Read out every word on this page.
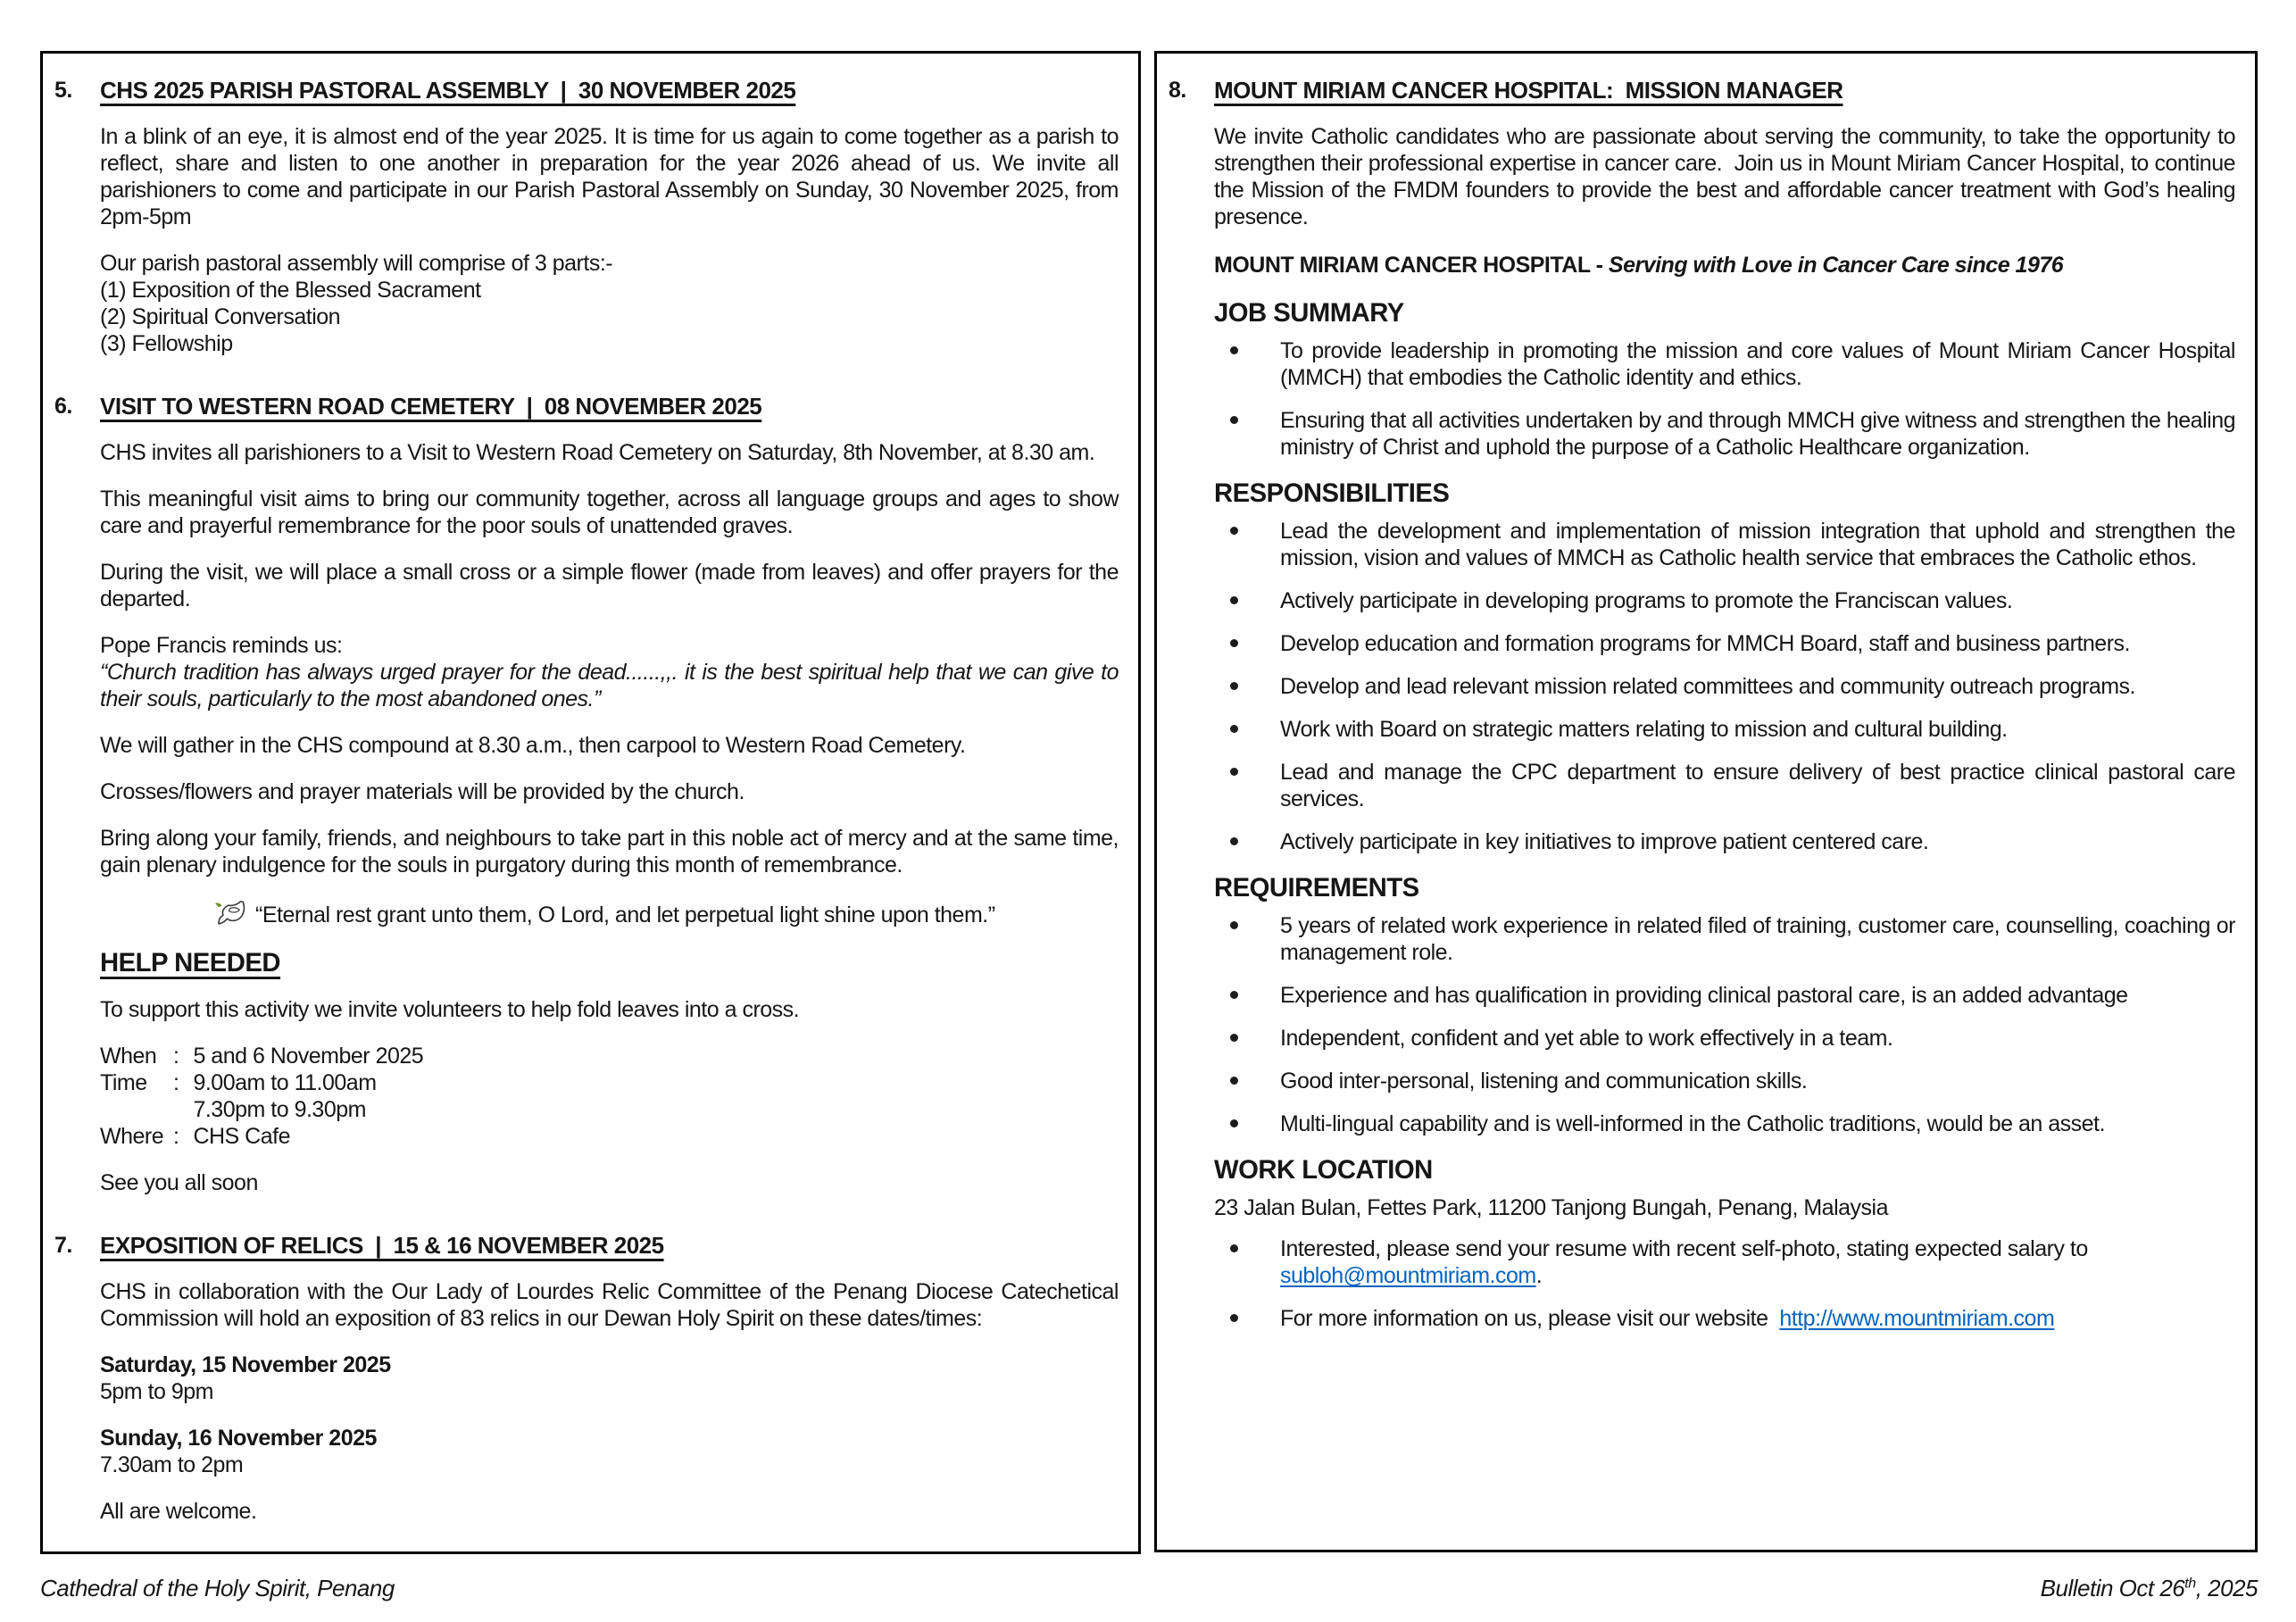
5. CHS 2025 PARISH PASTORAL ASSEMBLY  |  30 NOVEMBER 2025

In a blink of an eye, it is almost end of the year 2025. It is time for us again to come together as a parish to reflect, share and listen to one another in preparation for the year 2026 ahead of us. We invite all parishioners to come and participate in our Parish Pastoral Assembly on Sunday, 30 November 2025, from 2pm-5pm

Our parish pastoral assembly will comprise of 3 parts:-
(1) Exposition of the Blessed Sacrament
(2) Spiritual Conversation
(3) Fellowship
6. VISIT TO WESTERN ROAD CEMETERY  |  08 NOVEMBER 2025

CHS invites all parishioners to a Visit to Western Road Cemetery on Saturday, 8th November, at 8.30 am.

This meaningful visit aims to bring our community together, across all language groups and ages to show care and prayerful remembrance for the poor souls of unattended graves.

During the visit, we will place a small cross or a simple flower (made from leaves) and offer prayers for the departed.

Pope Francis reminds us:
“Church tradition has always urged prayer for the dead......,,. it is the best spiritual help that we can give to their souls, particularly to the most abandoned ones.”

We will gather in the CHS compound at 8.30 a.m., then carpool to Western Road Cemetery.

Crosses/flowers and prayer materials will be provided by the church.

Bring along your family, friends, and neighbours to take part in this noble act of mercy and at the same time, gain plenary indulgence for the souls in purgatory during this month of remembrance.

“Eternal rest grant unto them, O Lord, and let perpetual light shine upon them.”

HELP NEEDED

To support this activity we invite volunteers to help fold leaves into a cross.

When : 5 and 6 November 2025
Time	: 9.00am to 11.00am
7.30pm to 9.30pm
Where : CHS Cafe

See you all soon

7. EXPOSITION OF RELICS  |  15 & 16 NOVEMBER 2025

CHS in collaboration with the Our Lady of Lourdes Relic Committee of the Penang Diocese Catechetical Commission will hold an exposition of 83 relics in our Dewan Holy Spirit on these dates/times:

Saturday, 15 November 2025
5pm to 9pm
Sunday, 16 November 2025
7.30am to 2pm

All are welcome.

8. MOUNT MIRIAM CANCER HOSPITAL:  MISSION MANAGER

We invite Catholic candidates who are passionate about serving the community, to take the opportunity to strengthen their professional expertise in cancer care.  Join us in Mount Miriam Cancer Hospital, to continue the Mission of the FMDM founders to provide the best and affordable cancer treatment with God’s healing presence.

MOUNT MIRIAM CANCER HOSPITAL - Serving with Love in Cancer Care since 1976

JOB SUMMARY
To provide leadership in promoting the mission and core values of Mount Miriam Cancer Hospital (MMCH) that embodies the Catholic identity and ethics.
Ensuring that all activities undertaken by and through MMCH give witness and strengthen the healing ministry of Christ and uphold the purpose of a Catholic Healthcare organization.
RESPONSIBILITIES
Lead the development and implementation of mission integration that uphold and strengthen the mission, vision and values of MMCH as Catholic health service that embraces the Catholic ethos.
Actively participate in developing programs to promote the Franciscan values.
Develop education and formation programs for MMCH Board, staff and business partners.
Develop and lead relevant mission related committees and community outreach programs.
Work with Board on strategic matters relating to mission and cultural building.
Lead and manage the CPC department to ensure delivery of best practice clinical pastoral care services.
Actively participate in key initiatives to improve patient centered care.
REQUIREMENTS
5 years of related work experience in related filed of training, customer care, counselling, coaching or management role.
Experience and has qualification in providing clinical pastoral care, is an added advantage
Independent, confident and yet able to work effectively in a team.
Good inter-personal, listening and communication skills.
Multi-lingual capability and is well-informed in the Catholic traditions, would be an asset.
WORK LOCATION
23 Jalan Bulan, Fettes Park, 11200 Tanjong Bungah, Penang, Malaysia
Interested, please send your resume with recent self-photo, stating expected salary to subloh@mountmiriam.com.
For more information on us, please visit our website  http://www.mountmiriam.com
Cathedral of the Holy Spirit, Penang	Bulletin Oct 26th, 2025
